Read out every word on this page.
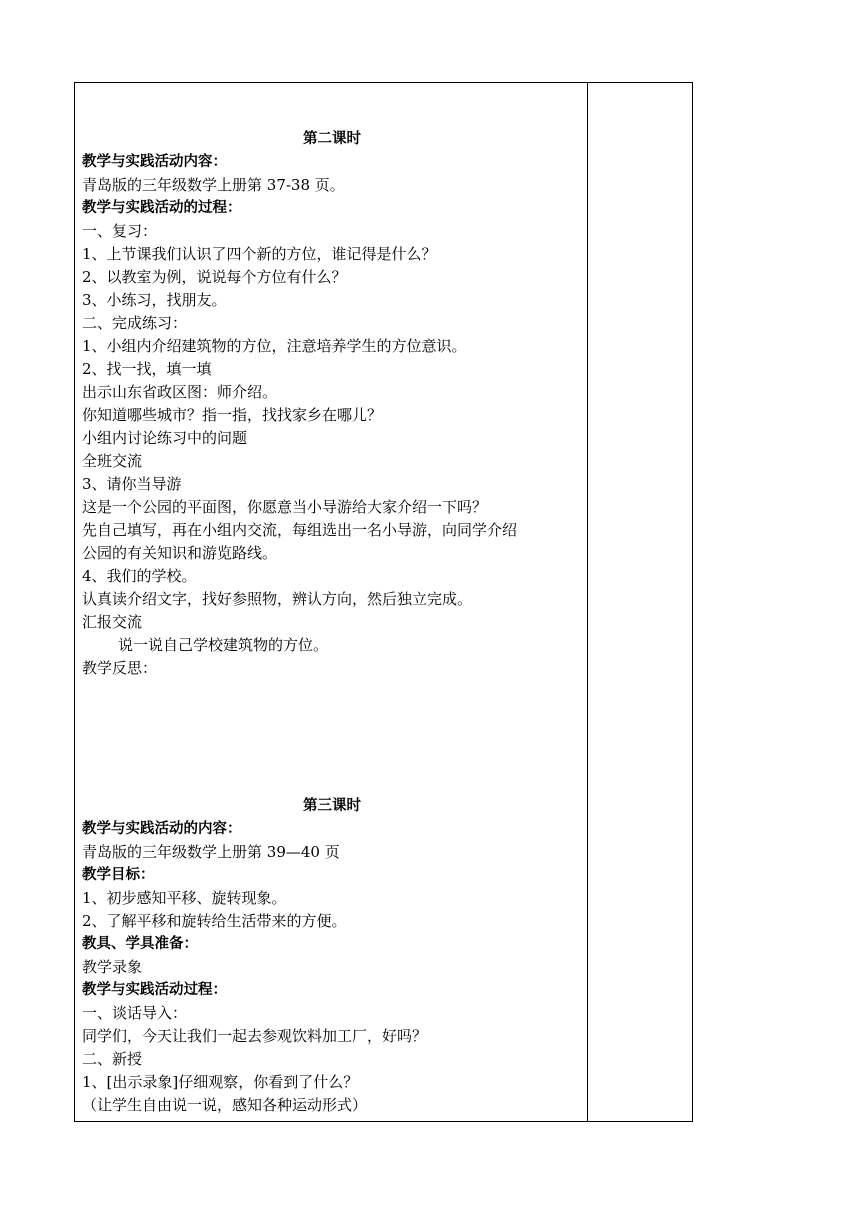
第二课时
教学与实践活动内容：
青岛版的三年级数学上册第 37-38 页。
教学与实践活动的过程：
一、复习：
1、上节课我们认识了四个新的方位，谁记得是什么？
2、以教室为例，说说每个方位有什么？
3、小练习，找朋友。
二、完成练习：
1、小组内介绍建筑物的方位，注意培养学生的方位意识。
2、找一找，填一填
出示山东省政区图：师介绍。
你知道哪些城市？指一指，找找家乡在哪儿？
小组内讨论练习中的问题
全班交流
3、请你当导游
这是一个公园的平面图，你愿意当小导游给大家介绍一下吗？
先自己填写，再在小组内交流，每组选出一名小导游，向同学介绍
公园的有关知识和游览路线。
4、我们的学校。
认真读介绍文字，找好参照物，辨认方向，然后独立完成。
汇报交流
说一说自己学校建筑物的方位。
教学反思：
第三课时
教学与实践活动的内容：
青岛版的三年级数学上册第 39—40 页
教学目标：
1、初步感知平移、旋转现象。
2、了解平移和旋转给生活带来的方便。
教具、学具准备：
教学录象
教学与实践活动过程：
一、谈话导入：
同学们，今天让我们一起去参观饮料加工厂，好吗？
二、新授
1、[出示录象]仔细观察，你看到了什么？
（让学生自由说一说，感知各种运动形式）
